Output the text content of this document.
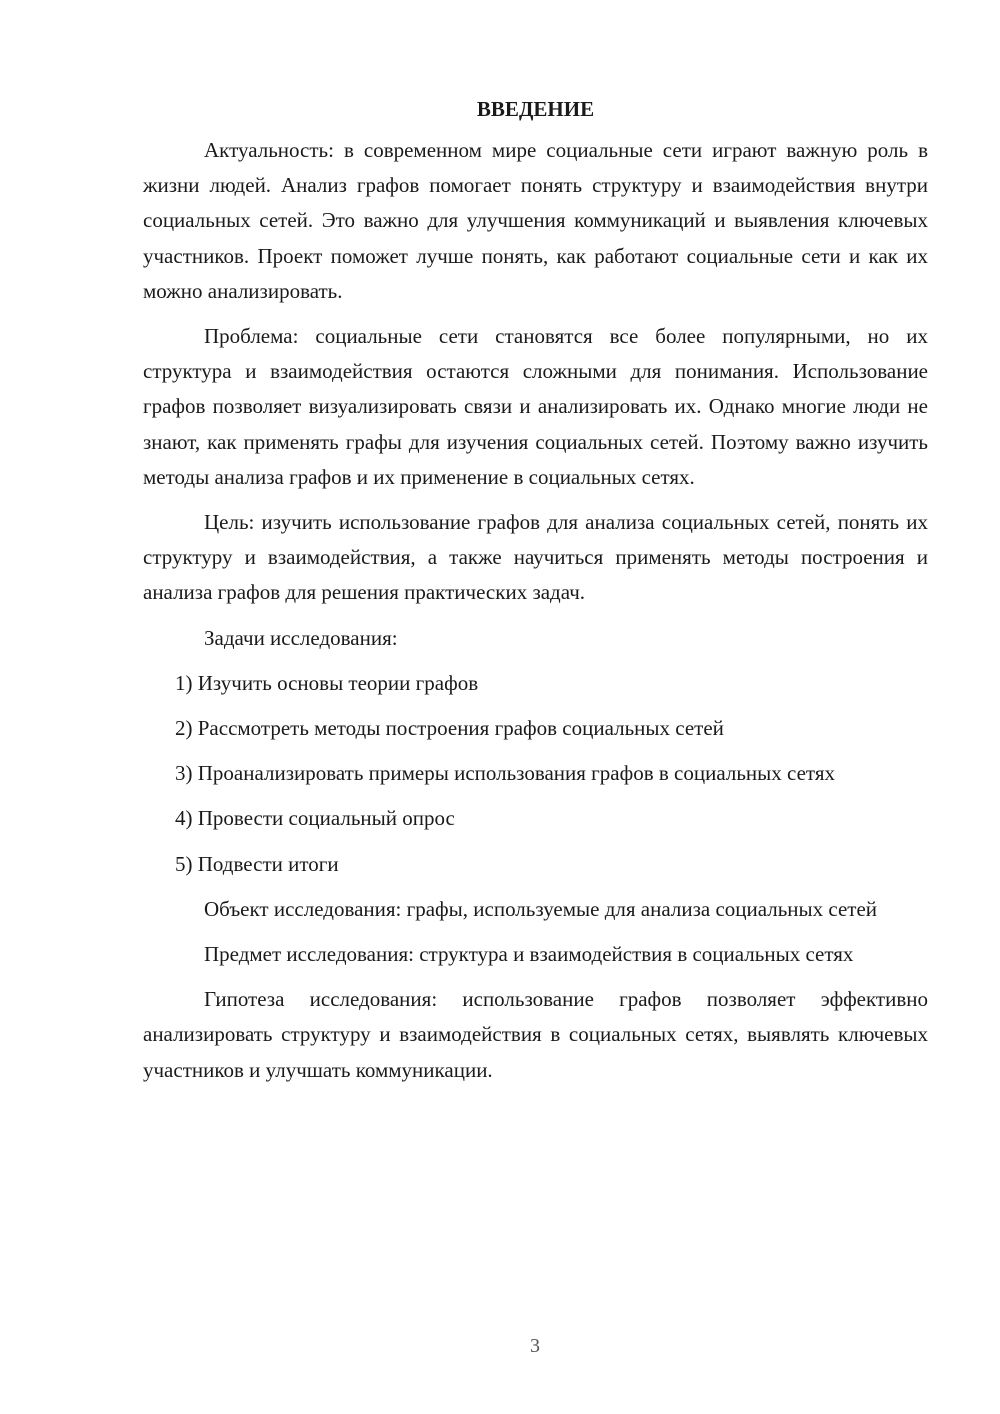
ВВЕДЕНИЕ

Актуальность: в современном мире социальные сети играют важную роль в жизни людей. Анализ графов помогает понять структуру и взаимодействия внутри социальных сетей. Это важно для улучшения коммуникаций и выявления ключевых участников. Проект поможет лучше понять, как работают социальные сети и как их можно анализировать.

Проблема: социальные сети становятся все более популярными, но их структура и взаимодействия остаются сложными для понимания. Использование графов позволяет визуализировать связи и анализировать их. Однако многие люди не знают, как применять графы для изучения социальных сетей. Поэтому важно изучить методы анализа графов и их применение в социальных сетях.

Цель: изучить использование графов для анализа социальных сетей, понять их структуру и взаимодействия, а также научиться применять методы построения и анализа графов для решения практических задач.

Задачи исследования:

1) Изучить основы теории графов

2) Рассмотреть методы построения графов социальных сетей

3) Проанализировать примеры использования графов в социальных сетях

4) Провести социальный опрос

5) Подвести итоги

Объект исследования: графы, используемые для анализа социальных сетей

Предмет исследования: структура и взаимодействия в социальных сетях

Гипотеза исследования: использование графов позволяет эффективно анализировать структуру и взаимодействия в социальных сетях, выявлять ключевых участников и улучшать коммуникации.

3
